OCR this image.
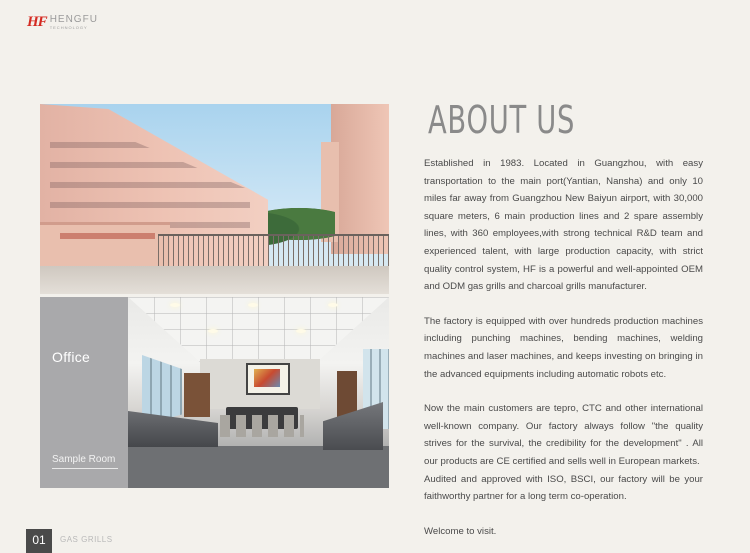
HF HENGFU
TECHNOLOGY
Office
Sample Room
ABOUT US

Established in 1983. Located in Guangzhou, with easy transportation to the main port(Yantian, Nansha) and only 10 miles far away from Guangzhou New Baiyun airport, with 30,000 square meters, 6 main production lines and 2 spare assembly lines, with 360 employees,with strong technical R&D team and experienced talent, with large production capacity, with strict quality control system, HF is a powerful and well-appointed OEM and ODM gas grills and charcoal grills manufacturer.

The factory is equipped with over hundreds production machines including punching machines, bending machines, welding machines and laser machines, and keeps investing on bringing in the advanced equipments including automatic robots etc.

Now the main customers are tepro, CTC and other international well-known company. Our factory always follow "the quality strives for the survival, the credibility for the development" . All our products are CE certified and sells well in European markets.

Audited and approved with ISO, BSCI, our factory will be your faithworthy partner for a long term co-operation.

Welcome to visit.

01	GAS GRILLS
